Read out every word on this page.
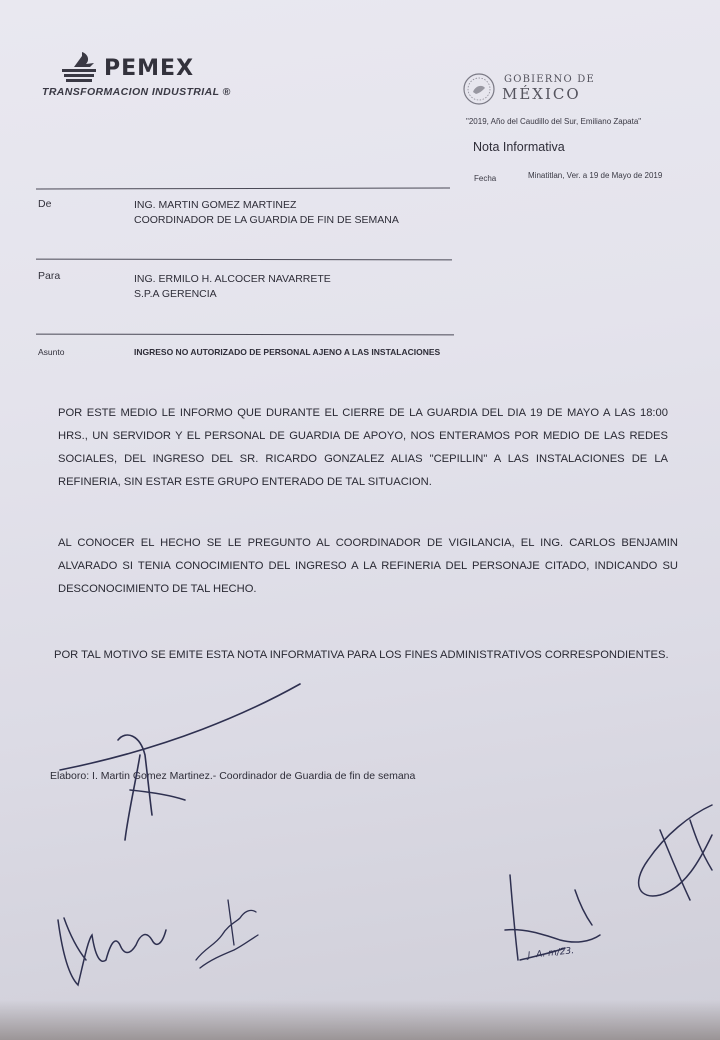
PEMEX
TRANSFORMACION INDUSTRIAL ®
GOBIERNO DE
MÉXICO
"2019, Año del Caudillo del Sur, Emiliano Zapata"
Nota Informativa
Fecha	Minatitlan, Ver. a 19 de Mayo de 2019
De	ING. MARTIN GOMEZ MARTINEZ
COORDINADOR DE LA GUARDIA DE FIN DE SEMANA
Para	ING. ERMILO H. ALCOCER NAVARRETE
S.P.A GERENCIA
Asunto	INGRESO NO AUTORIZADO DE PERSONAL AJENO A LAS INSTALACIONES
POR ESTE MEDIO LE INFORMO QUE DURANTE EL CIERRE DE LA GUARDIA DEL DIA 19 DE MAYO A LAS 18:00 HRS., UN SERVIDOR Y EL PERSONAL DE GUARDIA DE APOYO, NOS ENTERAMOS POR MEDIO DE LAS REDES SOCIALES, DEL INGRESO DEL SR. RICARDO GONZALEZ ALIAS "CEPILLIN" A LAS INSTALACIONES DE LA REFINERIA, SIN ESTAR ESTE GRUPO ENTERADO DE TAL SITUACION.
AL CONOCER EL HECHO SE LE PREGUNTO AL COORDINADOR DE VIGILANCIA, EL ING. CARLOS BENJAMIN ALVARADO SI TENIA CONOCIMIENTO DEL INGRESO A LA REFINERIA DEL PERSONAJE CITADO, INDICANDO SU DESCONOCIMIENTO DE TAL HECHO.
POR TAL MOTIVO SE EMITE ESTA NOTA INFORMATIVA PARA LOS FINES ADMINISTRATIVOS CORRESPONDIENTES.
Elaboro: I. Martin Gomez Martinez.- Coordinador de Guardia de fin de semana
J. A. m/23.
